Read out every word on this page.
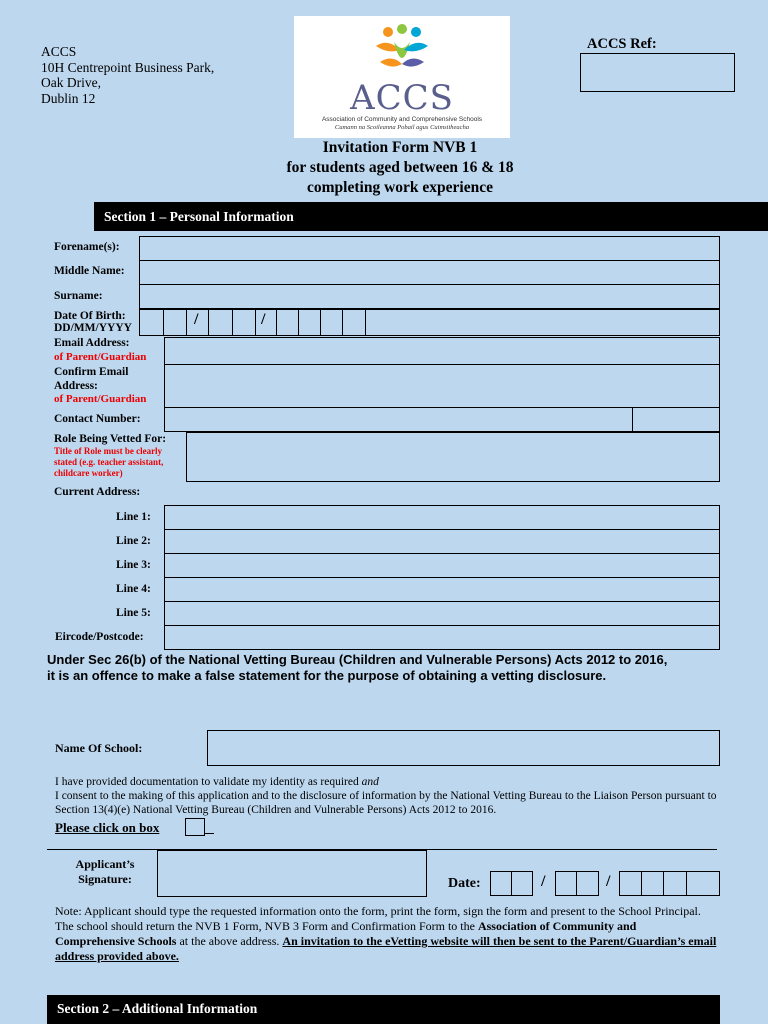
ACCS
10H Centrepoint Business Park,
Oak Drive,
Dublin 12	ACCS
Association of Community and Comprehensive Schools
Cumann na Scoileanna Pobail agus Cuimsitheacha
ACCS Ref:
Invitation Form NVB 1
for students aged between 16 & 18
completing work experience
Section 1 – Personal Information
Forename(s):
Middle Name:
Surname:
Date Of Birth:
DD/MM/YYYY	/	/
Email Address:
of Parent/Guardian
Confirm Email
Address:
of Parent/Guardian
Contact Number:
Role Being Vetted For:
Title of Role must be clearly
stated (e.g. teacher assistant,
childcare worker)
Current Address:
Line 1:
Line 2:
Line 3:
Line 4:
Line 5:
Eircode/Postcode:
Under Sec 26(b) of the National Vetting Bureau (Children and Vulnerable Persons) Acts 2012 to 2016,
it is an offence to make a false statement for the purpose of obtaining a vetting disclosure.
Name Of School:
I have provided documentation to validate my identity as required and
I consent to the making of this application and to the disclosure of information by the National Vetting Bureau to the Liaison Person pursuant to Section 13(4)(e) National Vetting Bureau (Children and Vulnerable Persons) Acts 2012 to 2016.
Please click on box
Applicant’s
Signature:	Date:	/	/
Note: Applicant should type the requested information onto the form, print the form, sign the form and present to the School Principal. The school should return the NVB 1 Form, NVB 3 Form and Confirmation Form to the Association of Community and Comprehensive Schools at the above address. An invitation to the eVetting website will then be sent to the Parent/Guardian’s email address provided above.
Section 2 – Additional Information
